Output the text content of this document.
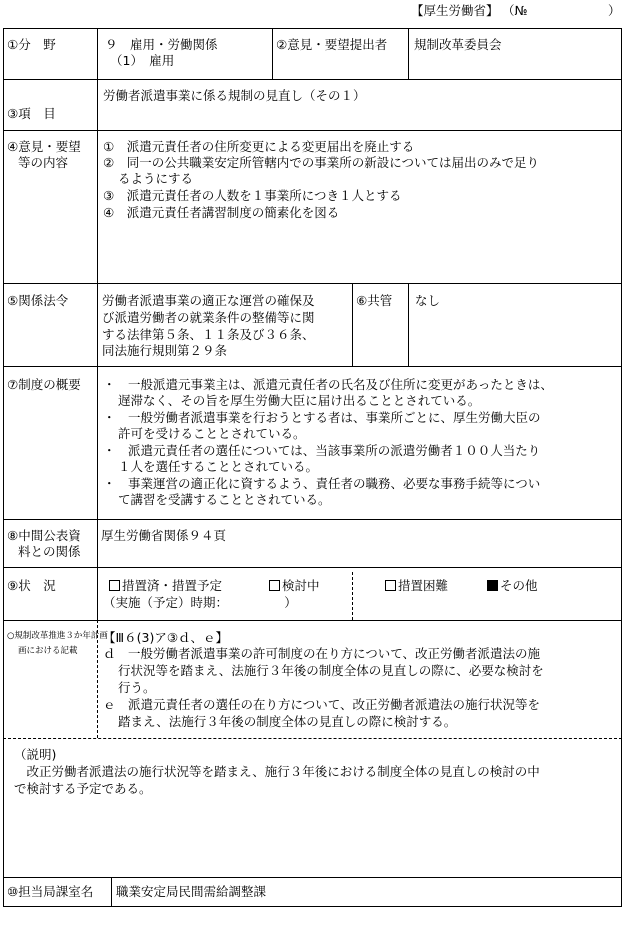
【厚生労働省】 （№	）
①分　野	９　雇用・労働関係
（1）　雇用
②意見・要望提出者 規制改革委員会
③項　目
労働者派遣事業に係る規制の見直し（その１）
④意見・要望
等の内容
①　派遣元責任者の住所変更による変更届出を廃止する
②　同一の公共職業安定所管轄内での事業所の新設については届出のみで足り
るようにする
③　派遣元責任者の人数を１事業所につき１人とする
④　派遣元責任者講習制度の簡素化を図る
⑤関係法令	労働者派遣事業の適正な運営の確保及
び派遣労働者の就業条件の整備等に関
する法律第５条、１１条及び３６条、
同法施行規則第２９条
⑥共管 なし
⑦制度の概要 ・　一般派遣元事業主は、派遣元責任者の氏名及び住所に変更があったときは、
遅滞なく、その旨を厚生労働大臣に届け出ることとされている。
・　一般労働者派遣事業を行おうとする者は、事業所ごとに、厚生労働大臣の
許可を受けることとされている。
・　派遣元責任者の選任については、当該事業所の派遣労働者１００人当たり
１人を選任することとされている。
・　事業運営の適正化に資するよう、責任者の職務、必要な事務手続等につい
て講習を受講することとされている。
⑧中間公表資
料との関係
厚生労働省関係９４頁
⑨状　況	措置済・措置予定	検討中	措置困難	その他
（実施（予定）時期：　　　　　）
○規制改革推進３か年計画
画における記載
【Ⅲ６(3)ア③ｄ、ｅ】
ｄ　一般労働者派遣事業の許可制度の在り方について、改正労働者派遣法の施
行状況等を踏まえ、法施行３年後の制度全体の見直しの際に、必要な検討を
行う。
ｅ　派遣元責任者の選任の在り方について、改正労働者派遣法の施行状況等を
踏まえ、法施行３年後の制度全体の見直しの際に検討する。
（説明)
　改正労働者派遣法の施行状況等を踏まえ、施行３年後における制度全体の見直しの検討の中
で検討する予定である。
⑩担当局課室名 職業安定局民間需給調整課
